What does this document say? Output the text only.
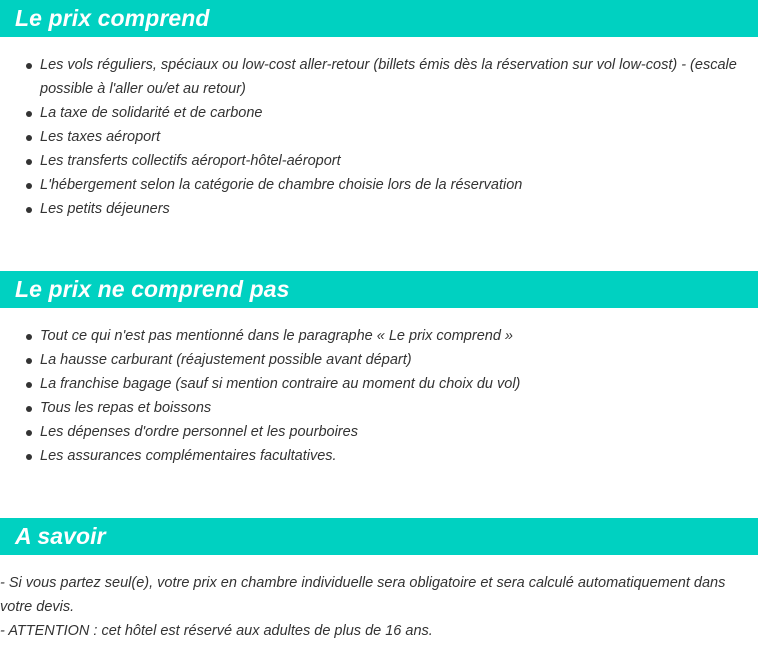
Le prix comprend
Les vols réguliers, spéciaux ou low-cost aller-retour (billets émis dès la réservation sur vol low-cost) - (escale possible à l'aller ou/et au retour)
La taxe de solidarité et de carbone
Les taxes aéroport
Les transferts collectifs aéroport-hôtel-aéroport
L'hébergement selon la catégorie de chambre choisie lors de la réservation
Les petits déjeuners
Le prix ne comprend pas
Tout ce qui n'est pas mentionné dans le paragraphe « Le prix comprend »
La hausse carburant (réajustement possible avant départ)
La franchise bagage (sauf si mention contraire au moment du choix du vol)
Tous les repas et boissons
Les dépenses d'ordre personnel et les pourboires
Les assurances complémentaires facultatives.
A savoir

- Si vous partez seul(e), votre prix en chambre individuelle sera obligatoire et sera calculé automatiquement dans votre devis.

- ATTENTION : cet hôtel est réservé aux adultes de plus de 16 ans.
